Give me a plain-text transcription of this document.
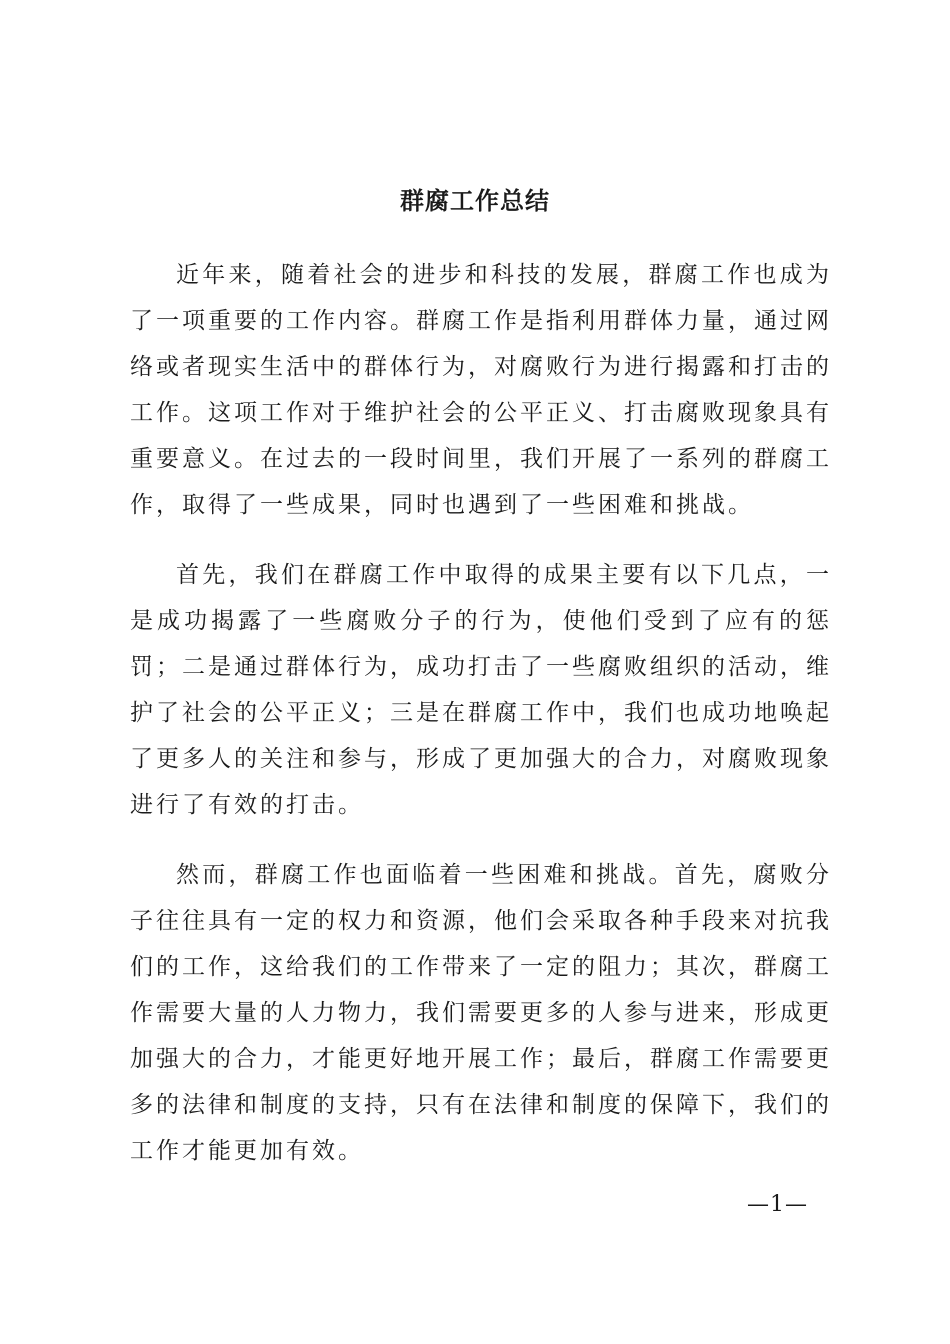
群腐工作总结

近年来，随着社会的进步和科技的发展，群腐工作也成为了一项重要的工作内容。群腐工作是指利用群体力量，通过网络或者现实生活中的群体行为，对腐败行为进行揭露和打击的工作。这项工作对于维护社会的公平正义、打击腐败现象具有重要意义。在过去的一段时间里，我们开展了一系列的群腐工作，取得了一些成果，同时也遇到了一些困难和挑战。

首先，我们在群腐工作中取得的成果主要有以下几点，一是成功揭露了一些腐败分子的行为，使他们受到了应有的惩罚；二是通过群体行为，成功打击了一些腐败组织的活动，维护了社会的公平正义；三是在群腐工作中，我们也成功地唤起了更多人的关注和参与，形成了更加强大的合力，对腐败现象进行了有效的打击。

然而，群腐工作也面临着一些困难和挑战。首先，腐败分子往往具有一定的权力和资源，他们会采取各种手段来对抗我们的工作，这给我们的工作带来了一定的阻力；其次，群腐工作需要大量的人力物力，我们需要更多的人参与进来，形成更加强大的合力，才能更好地开展工作；最后，群腐工作需要更多的法律和制度的支持，只有在法律和制度的保障下，我们的工作才能更加有效。

—1—
